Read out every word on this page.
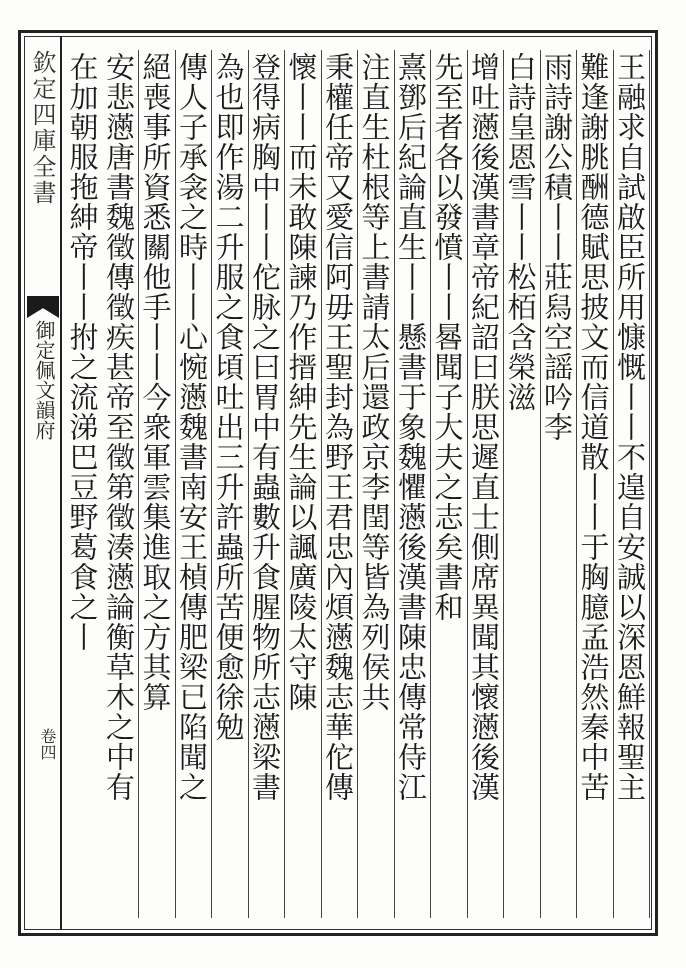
欽定四庫全書
御定佩文韻府
卷四	王融求自試啟臣所用慷慨丨丨不遑自安誠以深恩鮮報聖主
難逢謝朓酬德賦思披文而信道散丨丨于胸臆孟浩然秦中苦
雨詩謝公積丨丨莊舄空謡吟李
白詩皇恩雪丨丨松栢含榮滋
增吐懣後漢書章帝紀詔曰朕思遲直士側席異聞其懷懣後漢
先至者各以發憤丨丨晷聞子大夫之志矣書和
熹鄧后紀論直生丨丨懸書于象魏懼懣後漢書陳忠傳常侍江
注直生杜根等上書請太后還政京李閏等皆為列侯共
秉權任帝又愛信阿毋王聖封為野王君忠內煩懣魏志華佗傳
懷丨丨而未敢陳諫乃作搢紳先生論以諷廣陵太守陳
登得病胸中丨丨佗脉之曰胃中有蟲數升食腥物所志懣梁書
為也即作湯二升服之食頃吐出三升許蟲所苦便愈徐勉
傳人子承衾之時丨丨心惋懣魏書南安王楨傳肥梁已陷聞之
絕喪事所資悉關他手丨丨今衆軍雲集進取之方其算
安悲懣唐書魏徵傳徵疾甚帝至徵第徵湊懣論衡草木之中有
在加朝服拖紳帝丨丨拊之流涕巴豆野葛食之丨
